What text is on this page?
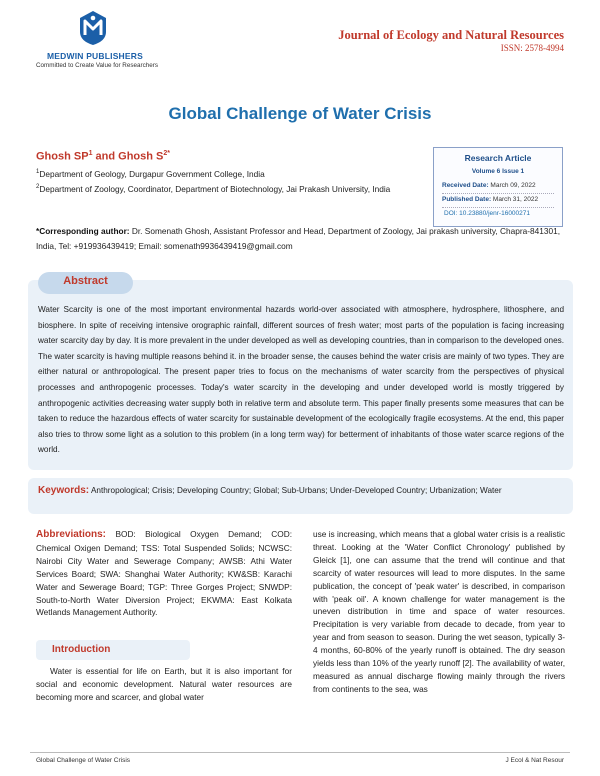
MEDWIN PUBLISHERS
Committed to Create Value for Researchers
Journal of Ecology and Natural Resources
ISSN: 2578-4994
Global Challenge of Water Crisis
Ghosh $SP^1$ and Ghosh $S^{2*}$
$^1$Department of Geology, Durgapur Government College, India
$^2$Department of Zoology, Coordinator, Department of Biotechnology, Jai Prakash University, India
Research Article
Volume 6 Issue 1
Received Date: March 09, 2022
Published Date: March 31, 2022
DOI: 10.23880/jenr-16000271
*Corresponding author: Dr. Somenath Ghosh, Assistant Professor and Head, Department of Zoology, Jai prakash university, Chapra-841301, India, Tel: +919936439419; Email: somenath9936439419@gmail.com
Abstract
Water Scarcity is one of the most important environmental hazards world-over associated with atmosphere, hydrosphere, lithosphere, and biosphere. In spite of receiving intensive orographic rainfall, different sources of fresh water; most parts of the population is facing increasing water scarcity day by day. It is more prevalent in the under developed as well as developing countries, than in comparison to the developed ones. The water scarcity is having multiple reasons behind it. in the broader sense, the causes behind the water crisis are mainly of two types. They are either natural or anthropological. The present paper tries to focus on the mechanisms of water scarcity from the perspectives of physical processes and anthropogenic processes. Today's water scarcity in the developing and under developed world is mostly triggered by anthropogenic activities decreasing water supply both in relative term and absolute term. This paper finally presents some measures that can be taken to reduce the hazardous effects of water scarcity for sustainable development of the ecologically fragile ecosystems. At the end, this paper also tries to throw some light as a solution to this problem (in a long term way) for betterment of inhabitants of those water scarce regions of the world.
Keywords: Anthropological; Crisis; Developing Country; Global; Sub-Urbans; Under-Developed Country; Urbanization; Water
Abbreviations: BOD: Biological Oxygen Demand; COD: Chemical Oxigen Demand; TSS: Total Suspended Solids; NCWSC: Nairobi City Water and Sewerage Company; AWSB: Athi Water Services Board; SWA: Shanghai Water Authority; KW&SB: Karachi Water and Sewerage Board; TGP: Three Gorges Project; SNWDP: South-to-North Water Diversion Project; EKWMA: East Kolkata Wetlands Management Authority.
Introduction
Water is essential for life on Earth, but it is also important for social and economic development. Natural water resources are becoming more and scarcer, and global water
use is increasing, which means that a global water crisis is a realistic threat. Looking at the 'Water Conflict Chronology' published by Gleick [1], one can assume that the trend will continue and that scarcity of water resources will lead to more disputes. In the same publication, the concept of 'peak water' is described, in comparison with 'peak oil'. A known challenge for water management is the uneven distribution in time and space of water resources. Precipitation is very variable from decade to decade, from year to year and from season to season. During the wet season, typically 3-4 months, 60-80% of the yearly runoff is obtained. The dry season yields less than 10% of the yearly runoff [2]. The availability of water, measured as annual discharge flowing mainly through the rivers from continents to the sea, was
Global Challenge of Water Crisis	J Ecol & Nat Resour
